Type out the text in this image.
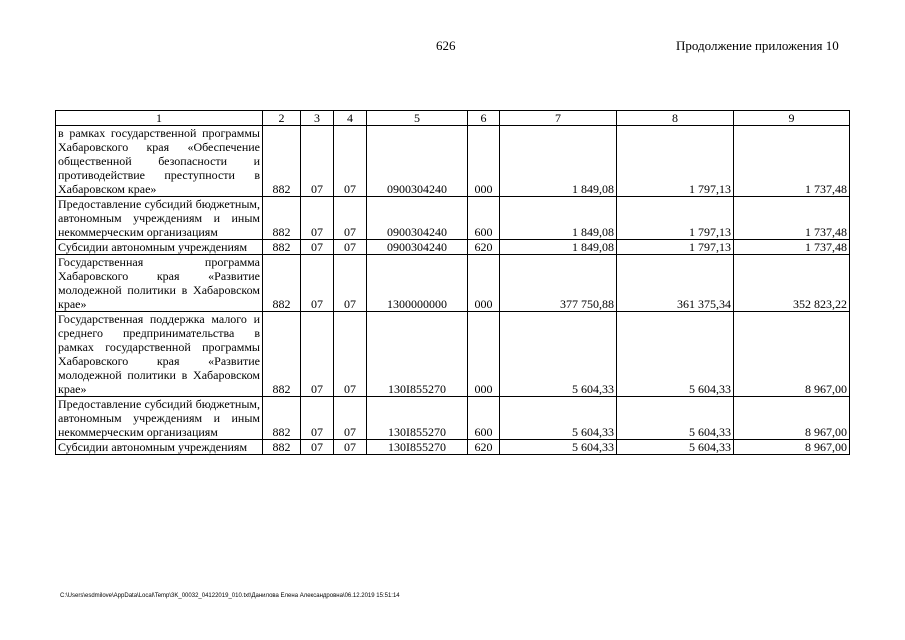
626	Продолжение приложения 10
1	2	3	4	5	6	7	8	9
в рамках государственной программы Хабаровского края «Обеспечение общественной безопасности и противодействие преступности в Хабаровском крае»	882	07	07	0900304240	000	1 849,08	1 797,13	1 737,48
Предоставление субсидий бюджетным, автономным учреждениям и иным некоммерческим организациям	882	07	07	0900304240	600	1 849,08	1 797,13	1 737,48
Субсидии автономным учреждениям	882	07	07	0900304240	620	1 849,08	1 797,13	1 737,48
Государственная программа Хабаровского края «Развитие молодежной политики в Хабаровском крае»	882	07	07	1300000000	000	377 750,88	361 375,34	352 823,22
Государственная поддержка малого и среднего предпринимательства в рамках государственной программы Хабаровского края «Развитие молодежной политики в Хабаровском крае»	882	07	07	130I855270	000	5 604,33	5 604,33	8 967,00
Предоставление субсидий бюджетным, автономным учреждениям и иным некоммерческим организациям	882	07	07	130I855270	600	5 604,33	5 604,33	8 967,00
Субсидии автономным учреждениям	882	07	07	130I855270	620	5 604,33	5 604,33	8 967,00
C:\Users\esdmilove\AppData\Local\Temp\3K_00032_04122019_010.txt\Данилова Елена Александровна\06.12.2019 15:51:14
